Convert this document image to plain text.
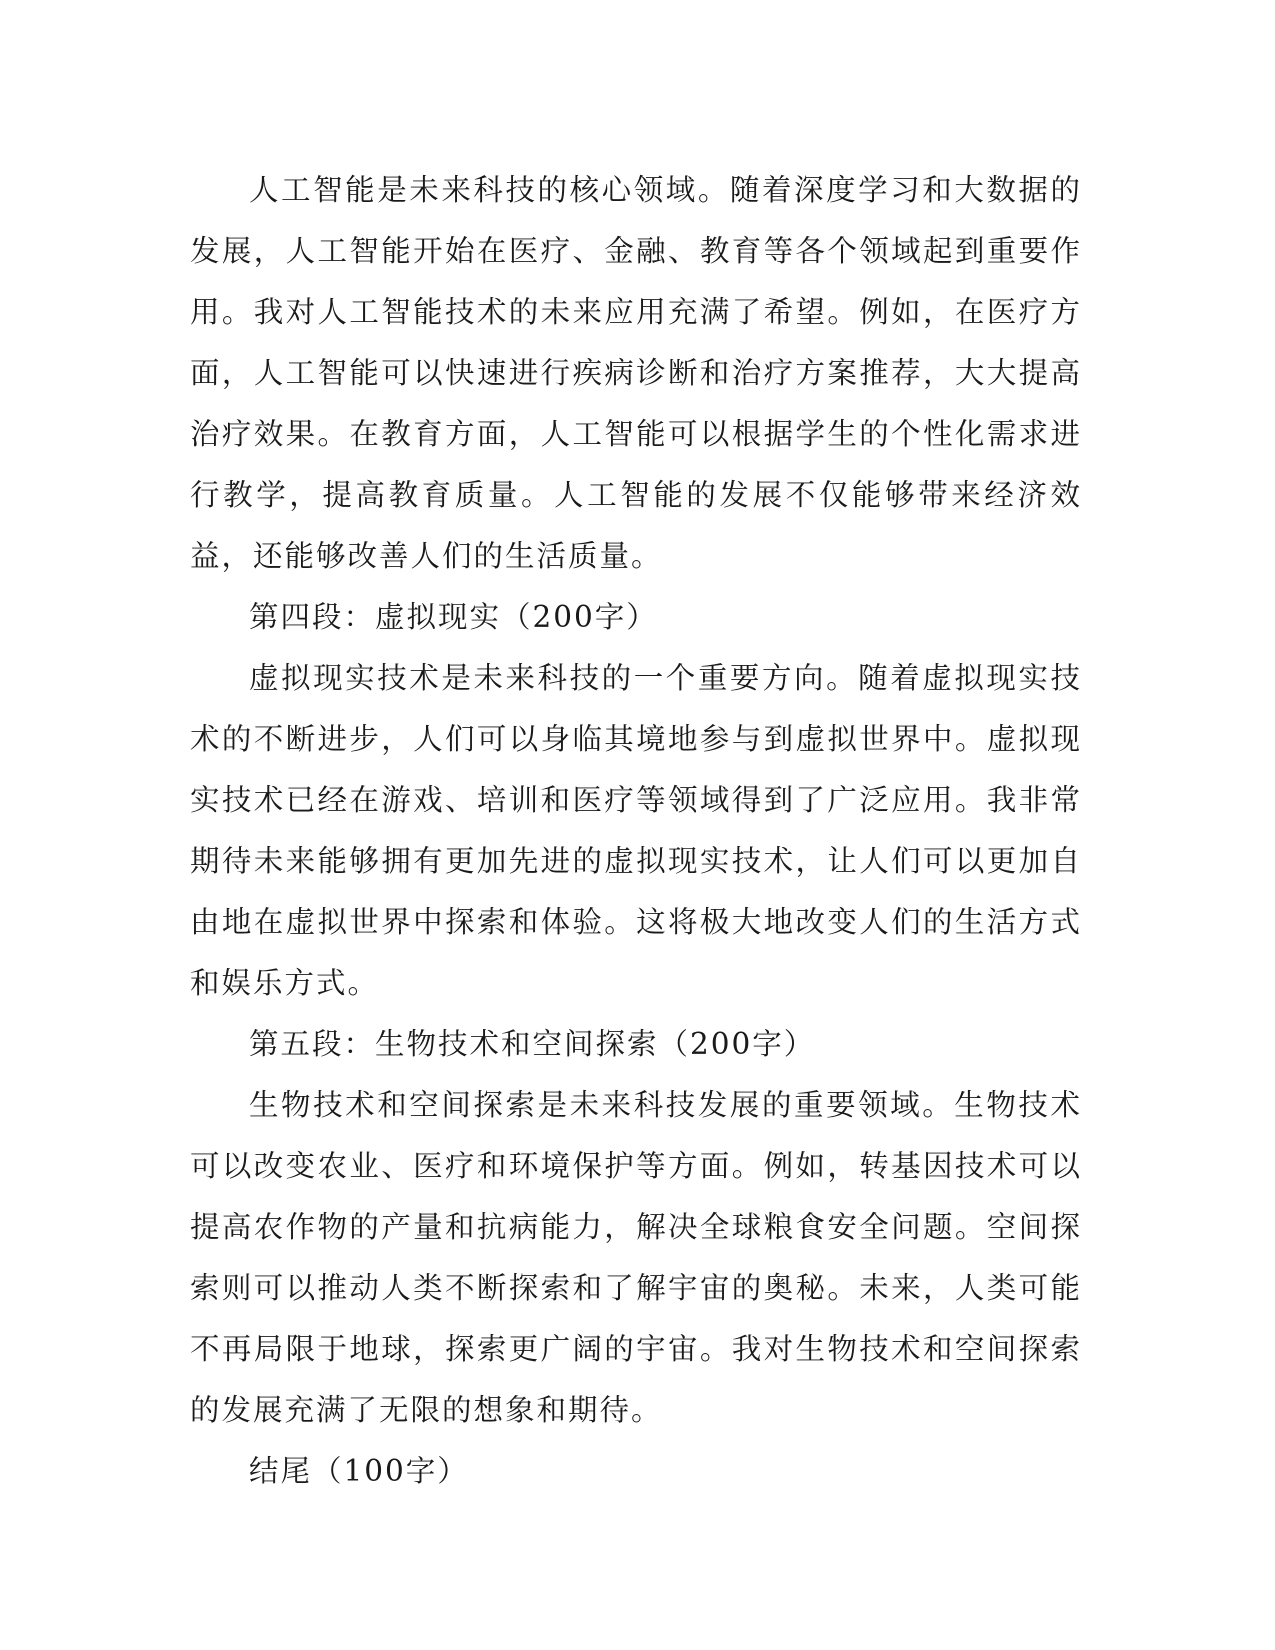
人工智能是未来科技的核心领域。随着深度学习和大数据的发展，人工智能开始在医疗、金融、教育等各个领域起到重要作用。我对人工智能技术的未来应用充满了希望。例如，在医疗方面，人工智能可以快速进行疾病诊断和治疗方案推荐，大大提高治疗效果。在教育方面，人工智能可以根据学生的个性化需求进行教学，提高教育质量。人工智能的发展不仅能够带来经济效益，还能够改善人们的生活质量。

第四段：虚拟现实（200字）

虚拟现实技术是未来科技的一个重要方向。随着虚拟现实技术的不断进步，人们可以身临其境地参与到虚拟世界中。虚拟现实技术已经在游戏、培训和医疗等领域得到了广泛应用。我非常期待未来能够拥有更加先进的虚拟现实技术，让人们可以更加自由地在虚拟世界中探索和体验。这将极大地改变人们的生活方式和娱乐方式。

第五段：生物技术和空间探索（200字）

生物技术和空间探索是未来科技发展的重要领域。生物技术可以改变农业、医疗和环境保护等方面。例如，转基因技术可以提高农作物的产量和抗病能力，解决全球粮食安全问题。空间探索则可以推动人类不断探索和了解宇宙的奥秘。未来，人类可能不再局限于地球，探索更广阔的宇宙。我对生物技术和空间探索的发展充满了无限的想象和期待。

结尾（100字）
